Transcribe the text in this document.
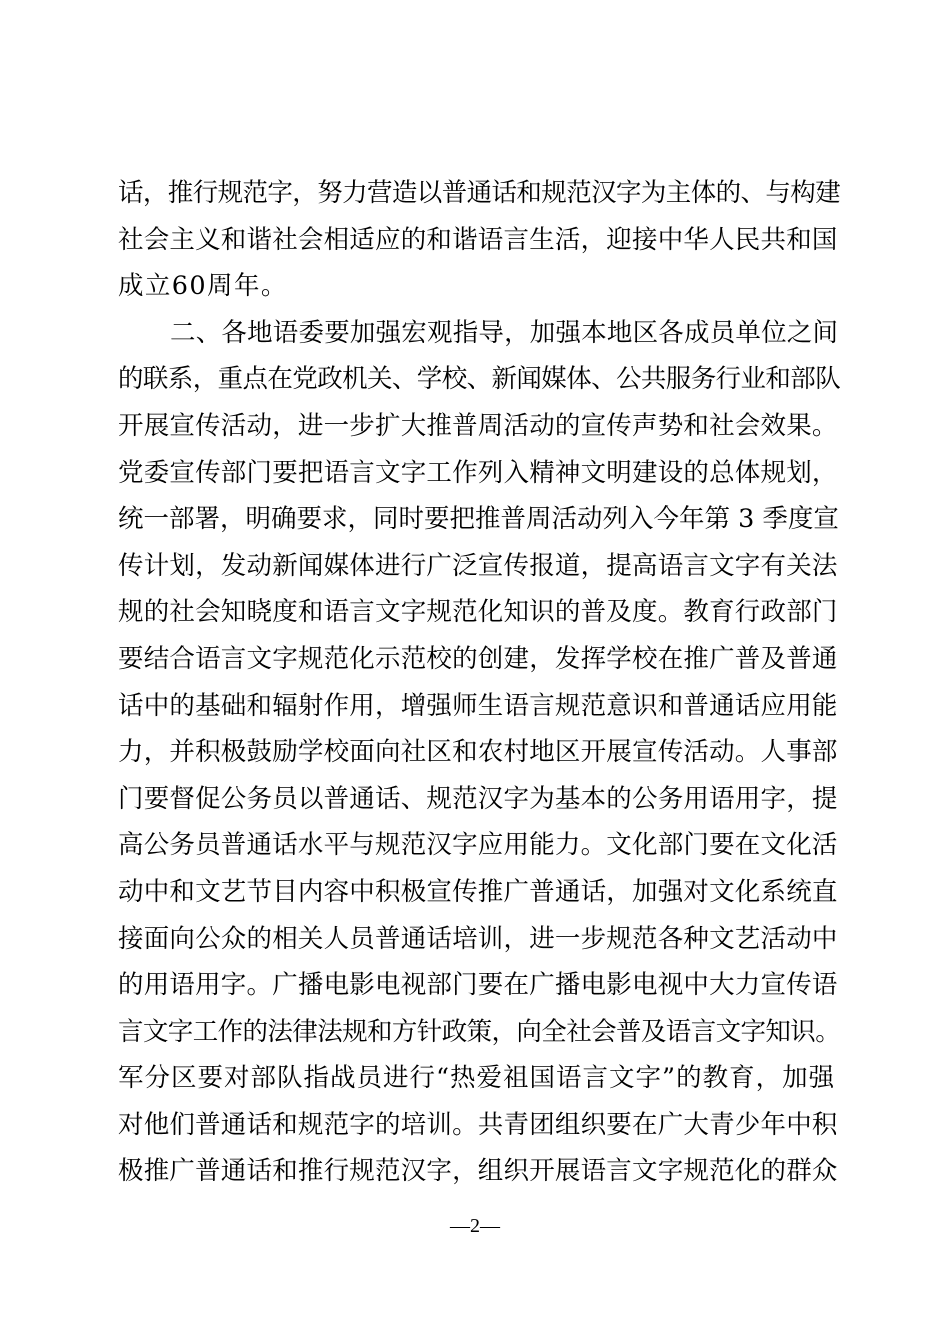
话，推行规范字，努力营造以普通话和规范汉字为主体的、与构建
社会主义和谐社会相适应的和谐语言生活，迎接中华人民共和国
成立60周年。
二、各地语委要加强宏观指导，加强本地区各成员单位之间
的联系，重点在党政机关、学校、新闻媒体、公共服务行业和部队
开展宣传活动，进一步扩大推普周活动的宣传声势和社会效果。
党委宣传部门要把语言文字工作列入精神文明建设的总体规划，
统一部署，明确要求，同时要把推普周活动列入今年第 3 季度宣
传计划，发动新闻媒体进行广泛宣传报道，提高语言文字有关法
规的社会知晓度和语言文字规范化知识的普及度。教育行政部门
要结合语言文字规范化示范校的创建，发挥学校在推广普及普通
话中的基础和辐射作用，增强师生语言规范意识和普通话应用能
力，并积极鼓励学校面向社区和农村地区开展宣传活动。人事部
门要督促公务员以普通话、规范汉字为基本的公务用语用字，提
高公务员普通话水平与规范汉字应用能力。文化部门要在文化活
动中和文艺节目内容中积极宣传推广普通话，加强对文化系统直
接面向公众的相关人员普通话培训，进一步规范各种文艺活动中
的用语用字。广播电影电视部门要在广播电影电视中大力宣传语
言文字工作的法律法规和方针政策，向全社会普及语言文字知识。
军分区要对部队指战员进行“热爱祖国语言文字”的教育，加强
对他们普通话和规范字的培训。共青团组织要在广大青少年中积
极推广普通话和推行规范汉字，组织开展语言文字规范化的群众
—2—
